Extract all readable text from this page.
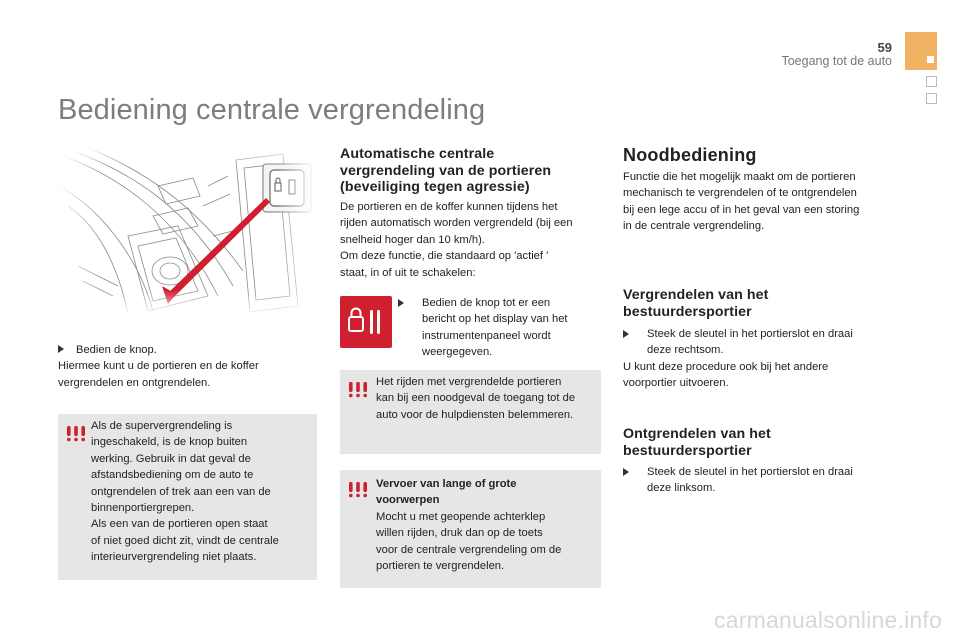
59
Toegang tot de auto
Bediening centrale vergrendeling

Bedien de knop.

Hiermee kunt u de portieren en de koffer vergrendelen en ontgrendelen.

Als de supervergrendeling is

ingeschakeld, is de knop buiten

werking. Gebruik in dat geval de

afstandsbediening om de auto te

ontgrendelen of trek aan een van de

binnenportiergrepen.

Als een van de portieren open staat

of niet goed dicht zit, vindt de centrale

interieurvergrendeling niet plaats.

Automatische centrale
vergrendeling van de portieren
(beveiliging tegen agressie)

De portieren en de koffer kunnen tijdens het

rijden automatisch worden vergrendeld (bij een

snelheid hoger dan 10 km/h).

Om deze functie, die standaard op 'actief '

staat, in of uit te schakelen:

Bedien de knop tot er een

bericht op het display van het

instrumentenpaneel wordt

weergegeven.

Het rijden met vergrendelde portieren

kan bij een noodgeval de toegang tot de

auto voor de hulpdiensten belemmeren.

Vervoer van lange of grote

voorwerpen

Mocht u met geopende achterklep

willen rijden, druk dan op de toets

voor de centrale vergrendeling om de

portieren te vergrendelen.

Noodbediening

Functie die het mogelijk maakt om de portieren

mechanisch te vergrendelen of te ontgrendelen

bij een lege accu of in het geval van een storing

in de centrale vergrendeling.

Vergrendelen van het
bestuurdersportier

Steek de sleutel in het portierslot en draai

deze rechtsom.

U kunt deze procedure ook bij het andere

voorportier uitvoeren.

Ontgrendelen van het
bestuurdersportier

Steek de sleutel in het portierslot en draai

deze linksom.

carmanualsonline.info
